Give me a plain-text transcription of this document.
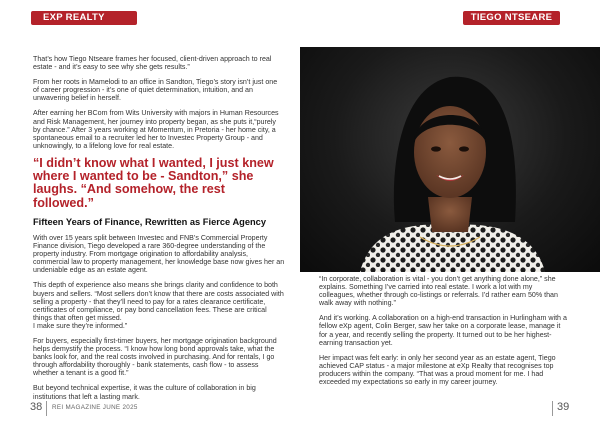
EXP REALTY	TIEGO NTSEARE

That’s how Tiego Ntseare frames her focused, client-driven approach to real estate - and it’s easy to see why she gets results.”

From her roots in Mamelodi to an office in Sandton, Tiego’s story isn’t just one of career progression - it’s one of quiet determination, intuition, and an unwavering belief in herself.

After earning her BCom from Wits University with majors in Human Resources and Risk Management, her journey into property began, as she puts it,“purely by chance.” After 3 years working at Momentum, in Pretoria - her home city, a spontaneous email to a recruiter led her to Investec Property Group - and unknowingly, to a lifelong love for real estate.

“I didn’t know what I wanted, I just knew where I wanted to be - Sandton,” she laughs. “And somehow, the rest followed.”

Fifteen Years of Finance, Rewritten as Fierce Agency

With over 15 years split between Investec and FNB’s Commercial Property Finance division, Tiego developed a rare 360-degree understanding of the property industry. From mortgage origination to affordability analysis, commercial law to property management, her knowledge base now gives her an undeniable edge as an estate agent.

This depth of experience also means she brings clarity and confidence to both buyers and sellers. “Most sellers don’t know that there are costs associated with selling a property - that they’ll need to pay for a rates clearance certificate, certificates of compliance, or pay bond cancellation fees. These are critical things that often get missed.
I make sure they’re informed.”

For buyers, especially first-timer buyers, her mortgage origination background helps demystify the process. “I know how long bond approvals take, what the banks look for, and the real costs involved in purchasing. And for rentals, I go through affordability thoroughly - bank statements, cash flow - to assess whether a tenant is a good fit.”

But beyond technical expertise, it was the culture of collaboration in big institutions that left a lasting mark.

“In corporate, collaboration is vital - you don’t get anything done alone,” she explains. Something I’ve carried into real estate. I work a lot with my colleagues, whether through co-listings or referrals. I’d rather earn 50% than walk away with nothing.”

And it’s working. A collaboration on a high-end transaction in Hurlingham with a fellow eXp agent, Colin Berger, saw her take on a corporate lease, manage it for a year, and recently selling the property. It turned out to be her highest-earning transaction yet.

Her impact was felt early: in only her second year as an estate agent, Tiego achieved CAP status - a major milestone at eXp Realty that recognises top producers within the company. “That was a proud moment for me. I had exceeded my expectations so early in my career journey.

38 REI MAGAZINE JUNE 2025	39
